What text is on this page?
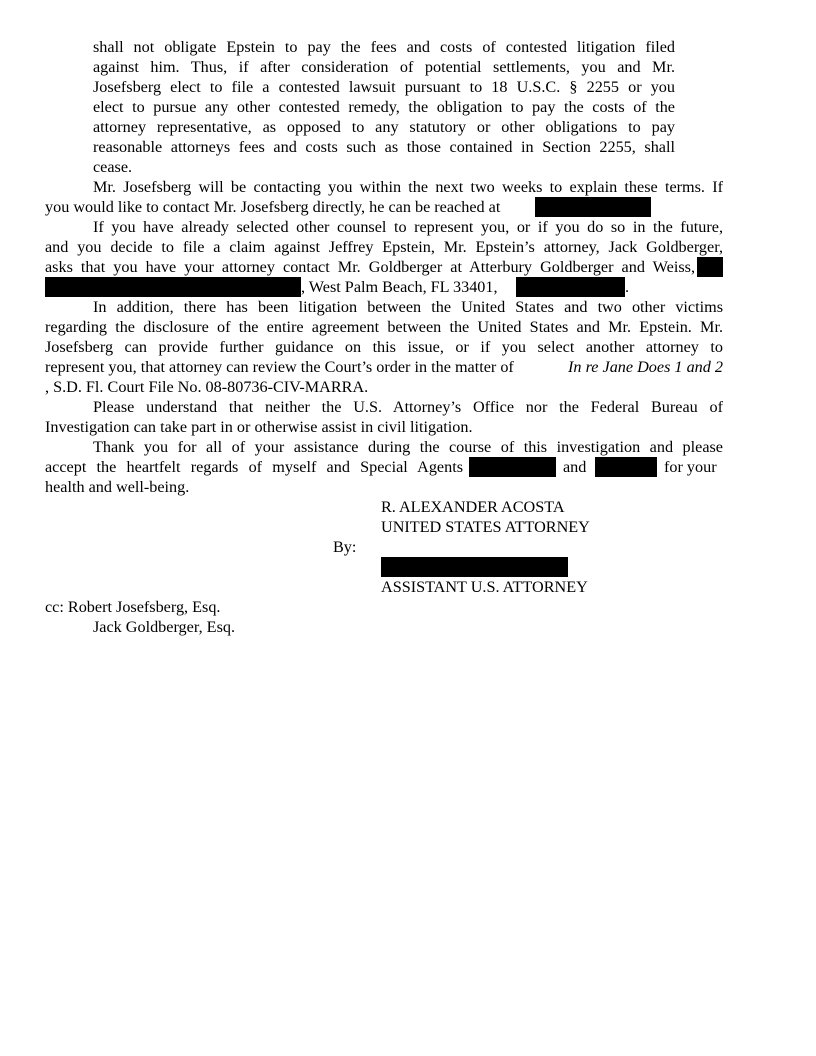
shall not obligate Epstein to pay the fees and costs of contested litigation filed
against him. Thus, if after consideration of potential settlements, you and Mr.
Josefsberg elect to file a contested lawsuit pursuant to 18 U.S.C. § 2255 or you
elect to pursue any other contested remedy, the obligation to pay the costs of the
attorney representative, as opposed to any statutory or other obligations to pay
reasonable attorneys fees and costs such as those contained in Section 2255, shall
cease.
Mr. Josefsberg will be contacting you within the next two weeks to explain these terms. If
you would like to contact Mr. Josefsberg directly, he can be reached at
If you have already selected other counsel to represent you, or if you do so in the future,
and you decide to file a claim against Jeffrey Epstein, Mr. Epstein’s attorney, Jack Goldberger,
asks that you have your attorney contact Mr. Goldberger at Atterbury Goldberger and Weiss,
, West Palm Beach, FL 33401,	.
In addition, there has been litigation between the United States and two other victims
regarding the disclosure of the entire agreement between the United States and Mr. Epstein. Mr.
Josefsberg can provide further guidance on this issue, or if you select another attorney to
represent you, that attorney can review the Court’s order in the matter of	In re Jane Does 1 and 2
, S.D. Fl. Court File No. 08-80736-CIV-MARRA.
Please understand that neither the U.S. Attorney’s Office nor the Federal Bureau of
Investigation can take part in or otherwise assist in civil litigation.
Thank you for all of your assistance during the course of this investigation and please
accept the heartfelt regards of myself and Special Agents	and	for your
health and well-being.
R. ALEXANDER ACOSTA
UNITED STATES ATTORNEY
By:
ASSISTANT U.S. ATTORNEY
cc: Robert Josefsberg, Esq.
Jack Goldberger, Esq.
